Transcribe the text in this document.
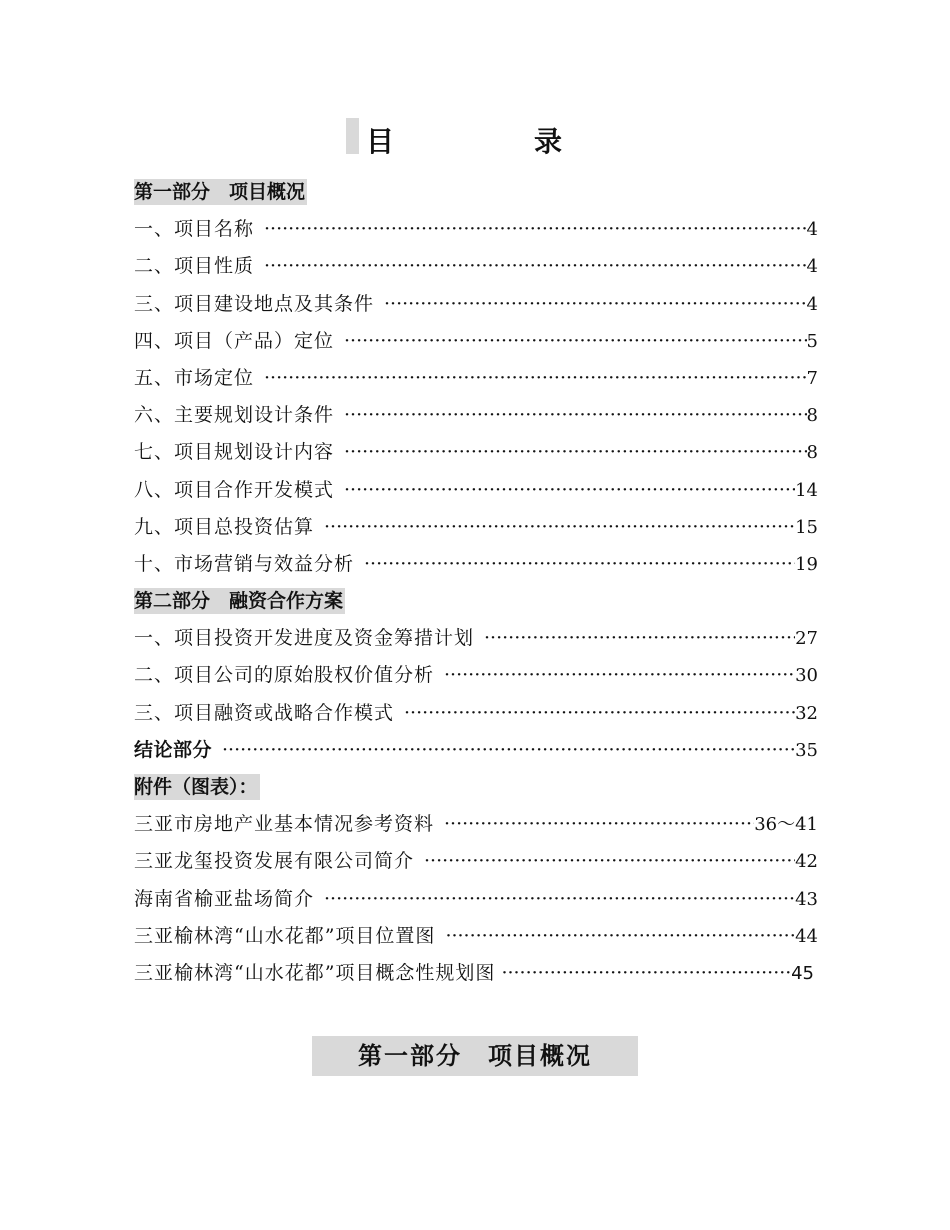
目	录
第一部分　项目概况
一、项目名称 ·····	4
二、项目性质 ·····	4
三、项目建设地点及其条件 ·····	4
四、项目（产品）定位 ·····	5
五、市场定位 ·····	7
六、主要规划设计条件 ·····	8
七、项目规划设计内容 ·····	8
八、项目合作开发模式 ·····	14
九、项目总投资估算 ·····	15
十、市场营销与效益分析 ·····	19
第二部分　融资合作方案
一、项目投资开发进度及资金筹措计划 ·····	27
二、项目公司的原始股权价值分析 ·····	30
三、项目融资或战略合作模式 ·····	32
结论部分 ·····	35
附件（图表）：
三亚市房地产业基本情况参考资料 ·····	36～41
三亚龙玺投资发展有限公司简介 ·····	42
海南省榆亚盐场简介 ·····	43
三亚榆林湾“山水花都”项目位置图 ·····	44
三亚榆林湾“山水花都”项目概念性规划图 ·····	45
第一部分　项目概况
